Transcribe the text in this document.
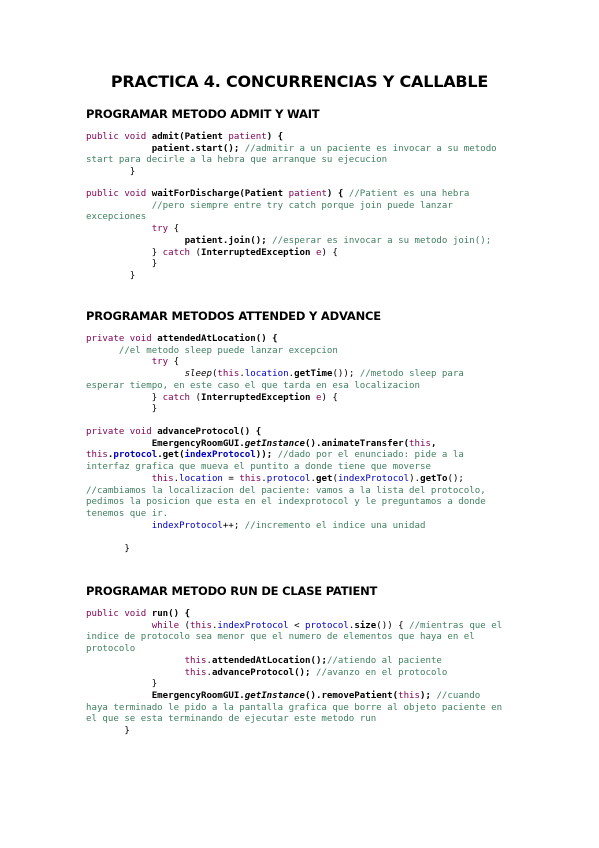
PRACTICA 4. CONCURRENCIAS Y CALLABLE
PROGRAMAR METODO ADMIT Y WAIT
public void admit(Patient patient) {
patient.start(); //admitir a un paciente es invocar a su metodo
start para decirle a la hebra que arranque su ejecucion
}
public void waitForDischarge(Patient patient) { //Patient es una hebra
//pero siempre entre try catch porque join puede lanzar
excepciones
try {
patient.join(); //esperar es invocar a su metodo join();
} catch (InterruptedException e) {
}
}
PROGRAMAR METODOS ATTENDED Y ADVANCE
private void attendedAtLocation() {
//el metodo sleep puede lanzar excepcion
try {
sleep(this.location.getTime()); //metodo sleep para
esperar tiempo, en este caso el que tarda en esa localizacion
} catch (InterruptedException e) {
}
private void advanceProtocol() {
EmergencyRoomGUI.getInstance().animateTransfer(this,
this.protocol.get(indexProtocol)); //dado por el enunciado: pide a la
interfaz grafica que mueva el puntito a donde tiene que moverse
this.location = this.protocol.get(indexProtocol).getTo();
//cambiamos la localizacion del paciente: vamos a la lista del protocolo,
pedimos la posicion que esta en el indexprotocol y le preguntamos a donde
tenemos que ir.
indexProtocol++; //incremento el indice una unidad

}
PROGRAMAR METODO RUN DE CLASE PATIENT
public void run() {
while (this.indexProtocol < protocol.size()) { //mientras que el
indice de protocolo sea menor que el numero de elementos que haya en el
protocolo
this.attendedAtLocation();//atiendo al paciente
this.advanceProtocol(); //avanzo en el protocolo
}
EmergencyRoomGUI.getInstance().removePatient(this); //cuando
haya terminado le pido a la pantalla grafica que borre al objeto paciente en
el que se esta terminando de ejecutar este metodo run
}
